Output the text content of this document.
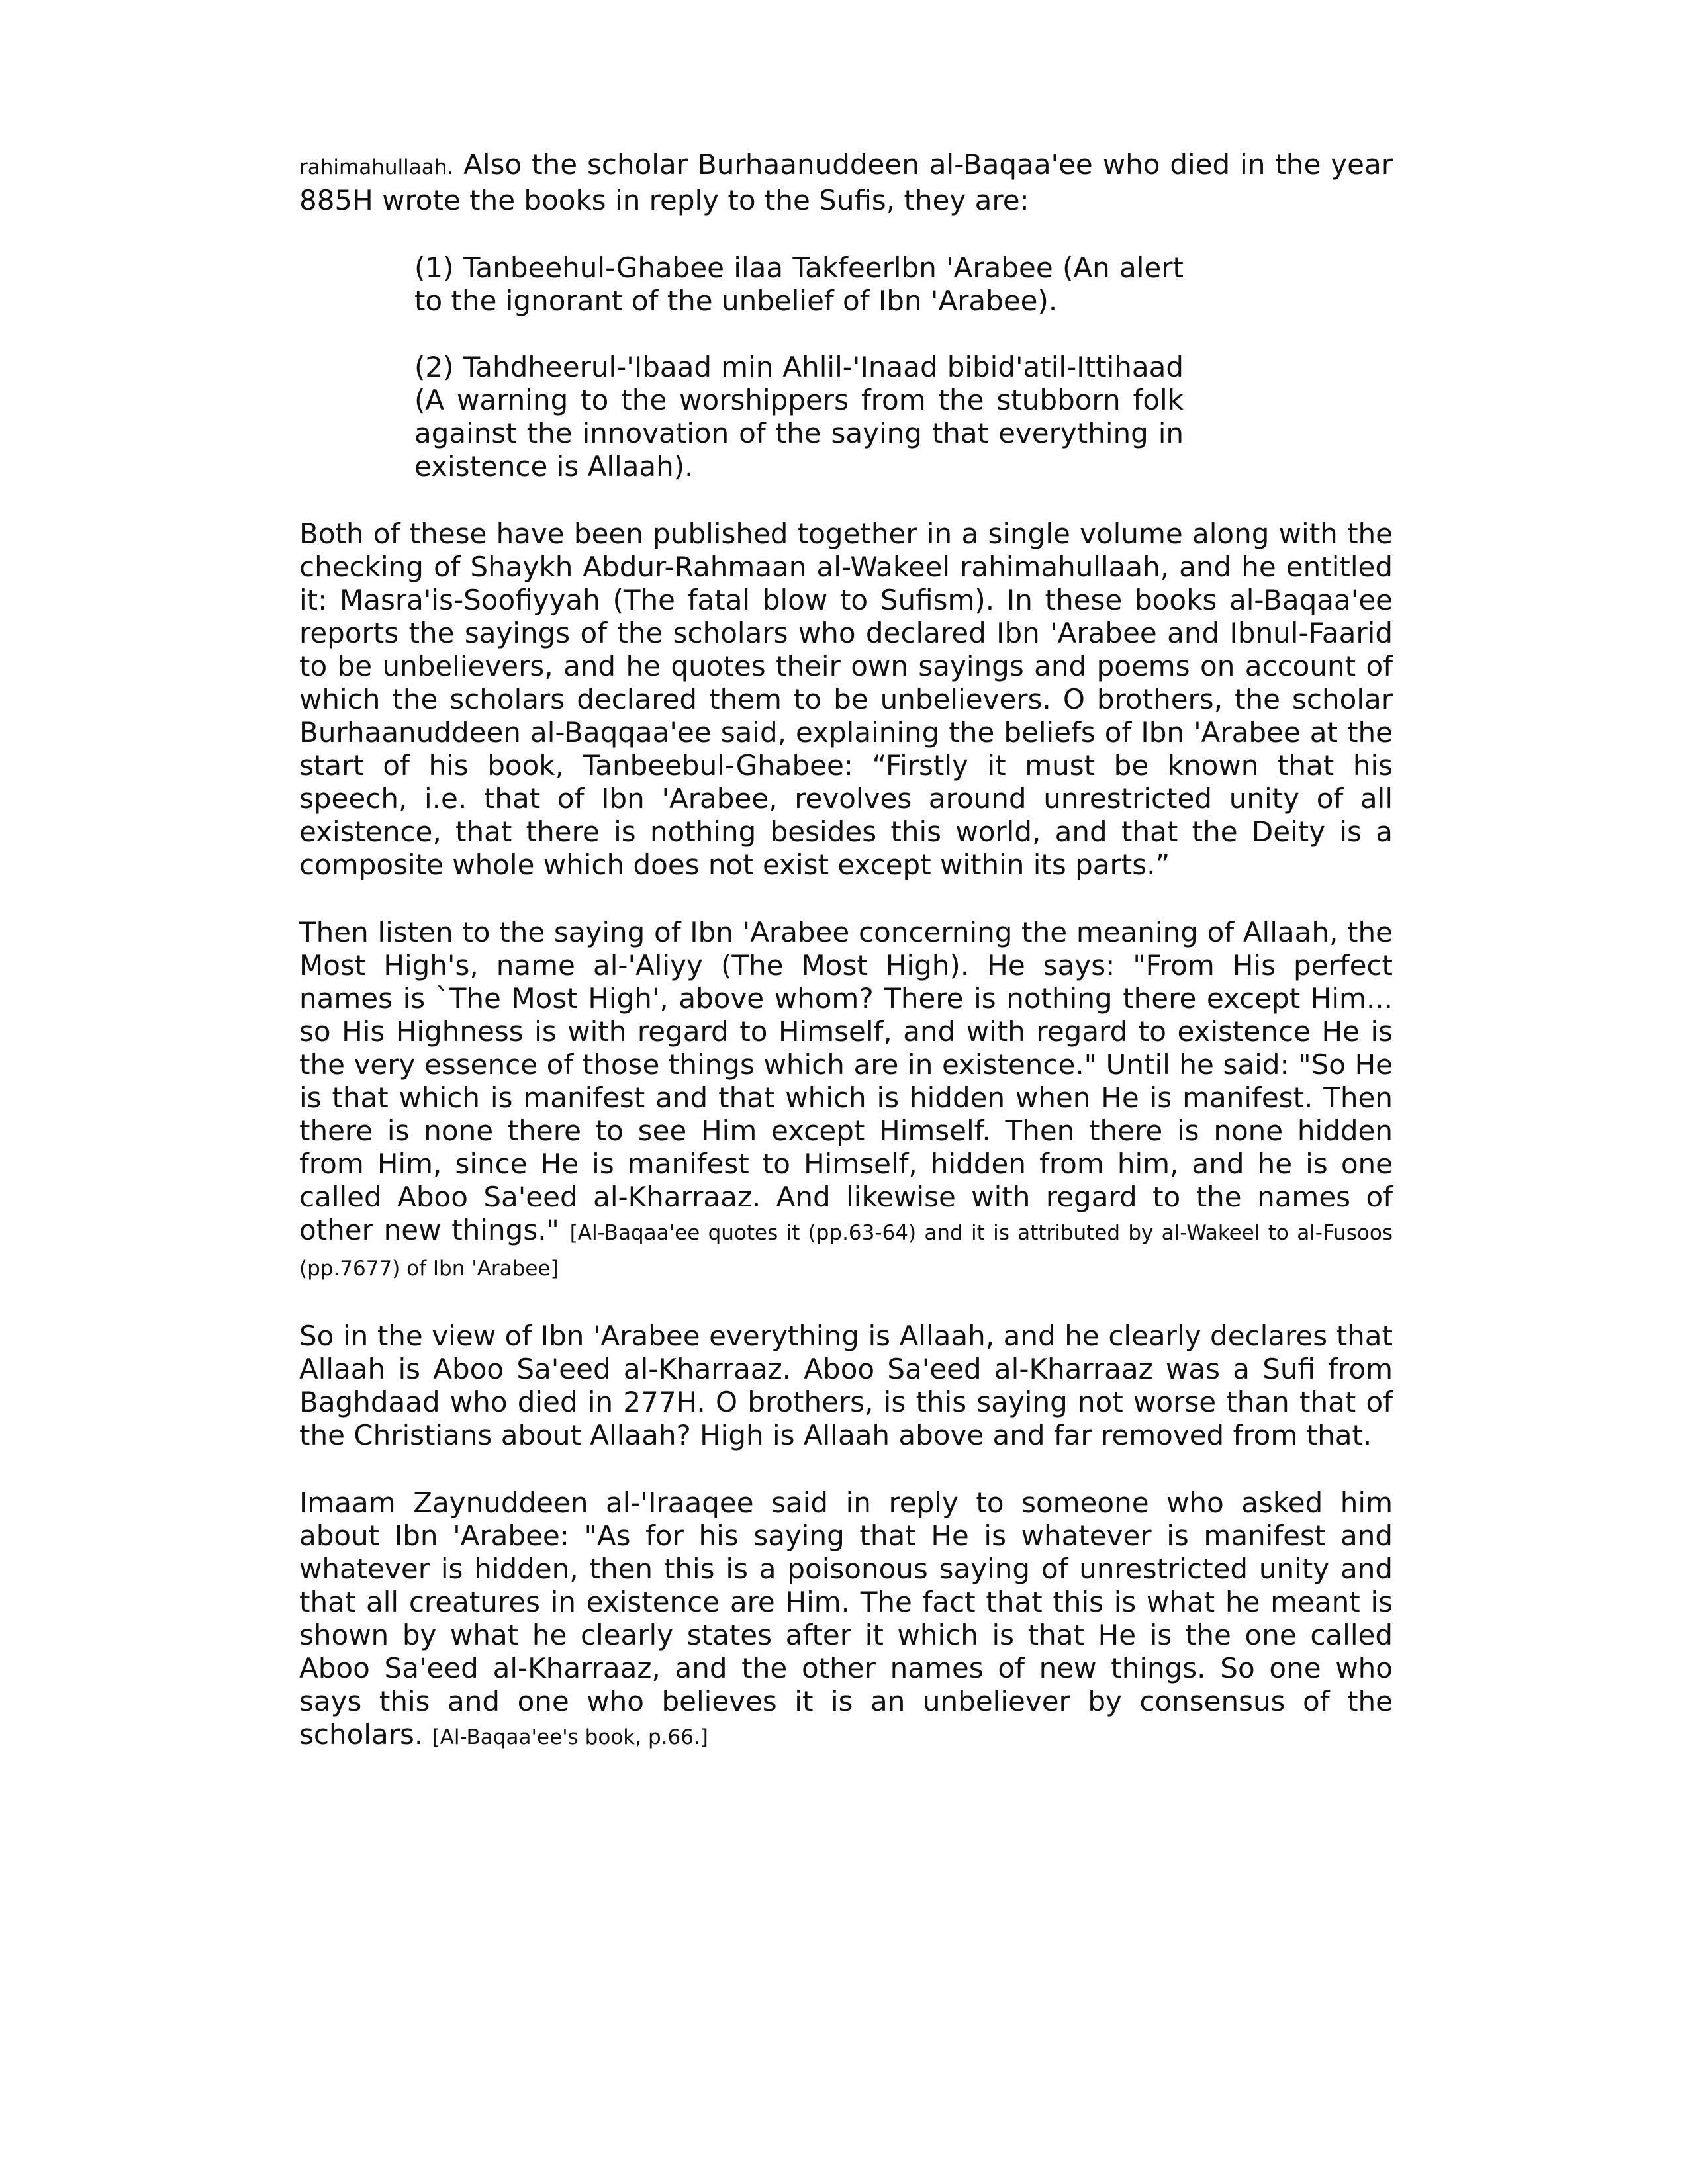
rahimahullaah. Also the scholar Burhaanuddeen al-Baqaa'ee who died in the year 885H wrote the books in reply to the Sufis, they are:

(1) Tanbeehul-Ghabee ilaa Takfeerlbn 'Arabee (An alert to the ignorant of the unbelief of Ibn 'Arabee).

(2) Tahdheerul-'Ibaad min Ahlil-'Inaad bibid'atil-Ittihaad (A warning to the worshippers from the stubborn folk against the innovation of the saying that everything in existence is Allaah).

Both of these have been published together in a single volume along with the checking of Shaykh Abdur-Rahmaan al-Wakeel rahimahullaah, and he entitled it: Masra'is-Soofiyyah (The fatal blow to Sufism). In these books al-Baqaa'ee reports the sayings of the scholars who declared Ibn 'Arabee and Ibnul-Faarid to be unbelievers, and he quotes their own sayings and poems on account of which the scholars declared them to be unbelievers. O brothers, the scholar Burhaanuddeen al-Baqqaa'ee said, explaining the beliefs of Ibn 'Arabee at the start of his book, Tanbeebul-Ghabee: “Firstly it must be known that his speech, i.e. that of Ibn 'Arabee, revolves around unrestricted unity of all existence, that there is nothing besides this world, and that the Deity is a composite whole which does not exist except within its parts.”

Then listen to the saying of Ibn 'Arabee concerning the meaning of Allaah, the Most High's, name al-'Aliyy (The Most High). He says: "From His perfect names is `The Most High', above whom? There is nothing there except Him... so His Highness is with regard to Himself, and with regard to existence He is the very essence of those things which are in existence." Until he said: "So He is that which is manifest and that which is hidden when He is manifest. Then there is none there to see Him except Himself. Then there is none hidden from Him, since He is manifest to Himself, hidden from him, and he is one called Aboo Sa'eed al-Kharraaz. And likewise with regard to the names of other new things." [Al-Baqaa'ee quotes it (pp.63-64) and it is attributed by al-Wakeel to al-Fusoos (pp.7677) of Ibn 'Arabee]

So in the view of Ibn 'Arabee everything is Allaah, and he clearly declares that Allaah is Aboo Sa'eed al-Kharraaz. Aboo Sa'eed al-Kharraaz was a Sufi from Baghdaad who died in 277H. O brothers, is this saying not worse than that of the Christians about Allaah? High is Allaah above and far removed from that.

Imaam Zaynuddeen al-'Iraaqee said in reply to someone who asked him about Ibn 'Arabee: "As for his saying that He is whatever is manifest and whatever is hidden, then this is a poisonous saying of unrestricted unity and that all creatures in existence are Him. The fact that this is what he meant is shown by what he clearly states after it which is that He is the one called Aboo Sa'eed al-Kharraaz, and the other names of new things. So one who says this and one who believes it is an unbeliever by consensus of the scholars. [Al-Baqaa'ee's book, p.66.]
